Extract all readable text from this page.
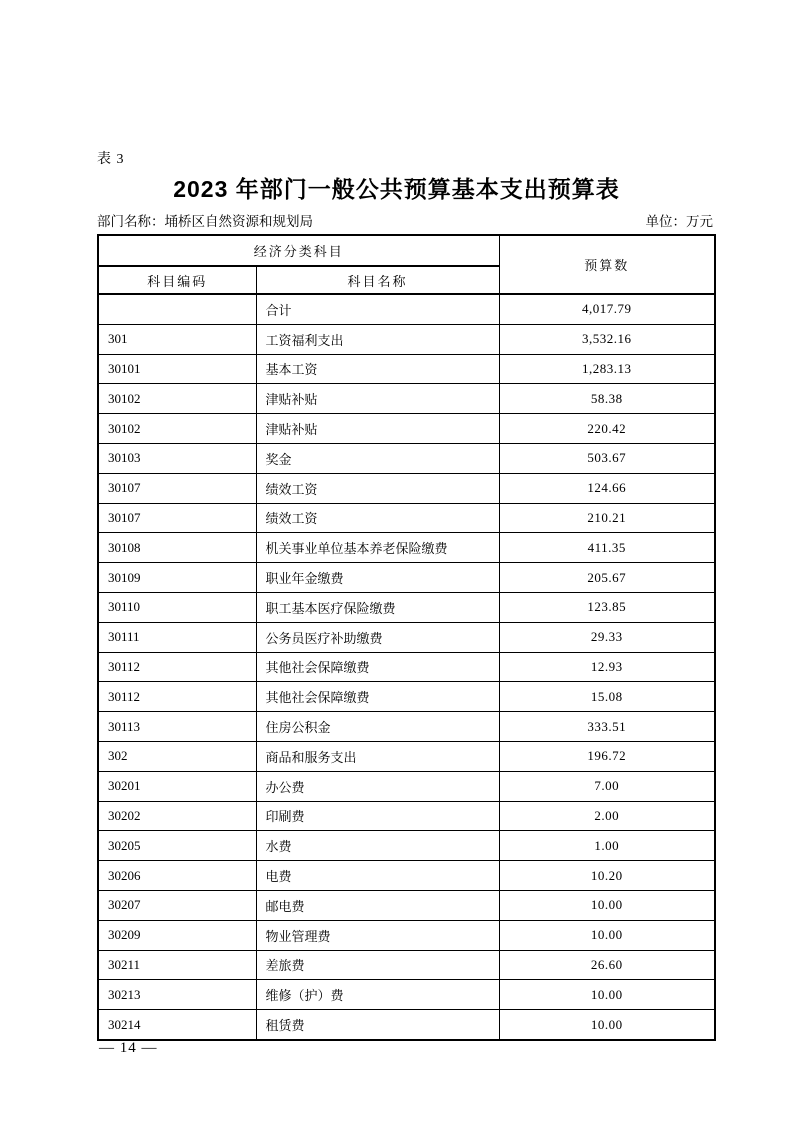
表 3
2023 年部门一般公共预算基本支出预算表
部门名称：埇桥区自然资源和规划局	单位：万元
经济分类科目		预算数
科目编码	科目名称	
	合计	4,017.79
301	工资福利支出	3,532.16
30101	基本工资	1,283.13
30102	津贴补贴	58.38
30102	津贴补贴	220.42
30103	奖金	503.67
30107	绩效工资	124.66
30107	绩效工资	210.21
30108	机关事业单位基本养老保险缴费	411.35
30109	职业年金缴费	205.67
30110	职工基本医疗保险缴费	123.85
30111	公务员医疗补助缴费	29.33
30112	其他社会保障缴费	12.93
30112	其他社会保障缴费	15.08
30113	住房公积金	333.51
302	商品和服务支出	196.72
30201	办公费	7.00
30202	印刷费	2.00
30205	水费	1.00
30206	电费	10.20
30207	邮电费	10.00
30209	物业管理费	10.00
30211	差旅费	26.60
30213	维修（护）费	10.00
30214	租赁费	10.00
— 14 —
